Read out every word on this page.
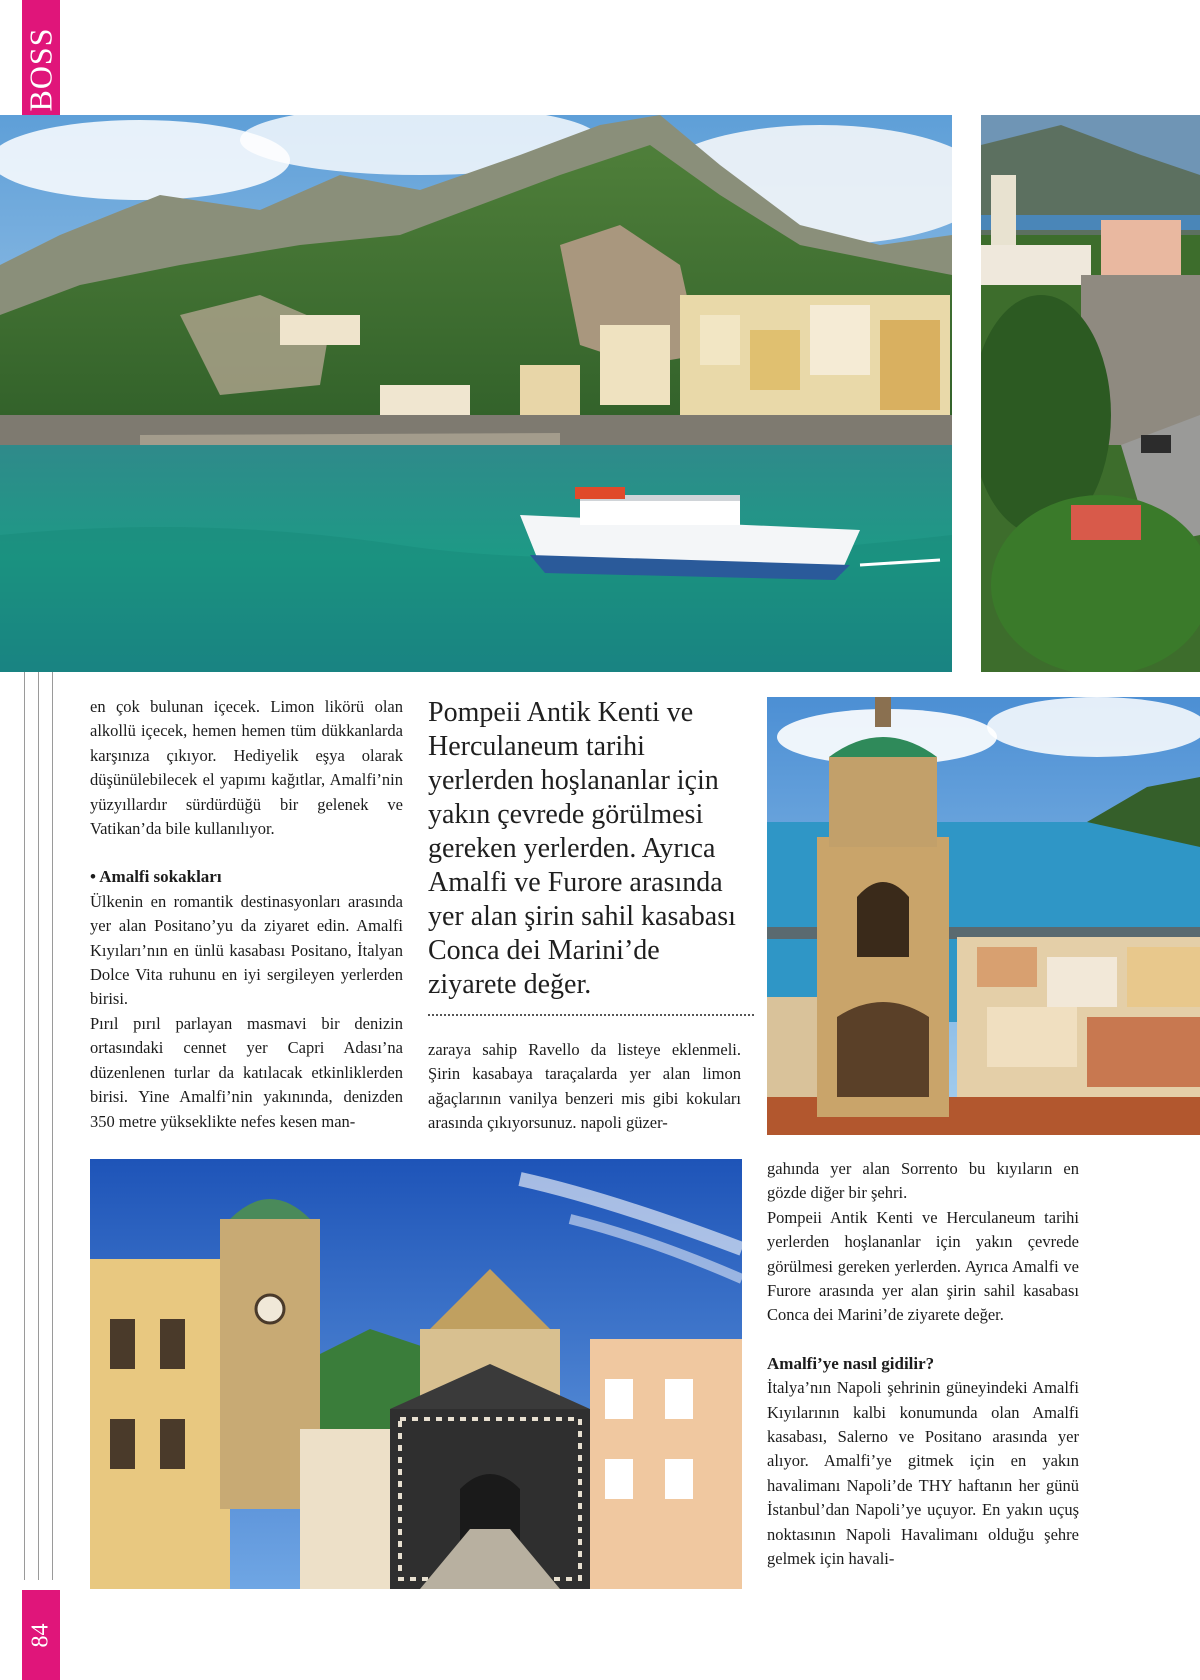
BOSS
84

en çok bulunan içecek. Limon likörü olan alkollü içecek, hemen hemen tüm dükkanlarda karşınıza çıkıyor. Hediyelik eşya olarak düşünülebilecek el yapımı kağıtlar, Amalfi’nin yüzyıllardır sürdürdüğü bir gelenek ve Vatikan’da bile kullanılıyor.

• Amalfi sokakları

Ülkenin en romantik destinasyonları arasında yer alan Positano’yu da ziyaret edin. Amalfi Kıyıları’nın en ünlü kasabası Positano, İtalyan Dolce Vita ruhunu en iyi sergileyen yerlerden birisi.

Pırıl pırıl parlayan masmavi bir denizin ortasındaki cennet yer Capri Adası’na düzenlenen turlar da katılacak etkinliklerden birisi. Yine Amalfi’nin yakınında, denizden 350 metre yükseklikte nefes kesen man-

Pompeii Antik Kenti ve Herculaneum tarihi yerlerden hoşlananlar için yakın çevrede görülmesi gereken yerlerden. Ayrıca Amalfi ve Furore arasında yer alan şirin sahil kasabası Conca dei Marini’de ziyarete değer.

zaraya sahip Ravello da listeye eklenmeli. Şirin kasabaya taraçalarda yer alan limon ağaçlarının vanilya benzeri mis gibi kokuları arasında çıkıyorsunuz. napoli güzer-

gahında yer alan Sorrento bu kıyıların en gözde diğer bir şehri.

Pompeii Antik Kenti ve Herculaneum tarihi yerlerden hoşlananlar için yakın çevrede görülmesi gereken yerlerden. Ayrıca Amalfi ve Furore arasında yer alan şirin sahil kasabası Conca dei Marini’de ziyarete değer.

Amalfi’ye nasıl gidilir?

İtalya’nın Napoli şehrinin güneyindeki Amalfi Kıyılarının kalbi konumunda olan Amalfi kasabası, Salerno ve Positano arasında yer alıyor. Amalfi’ye gitmek için en yakın havalimanı Napoli’de THY haftanın her günü İstanbul’dan Napoli’ye uçuyor. En yakın uçuş noktasının Napoli Havalimanı olduğu şehre gelmek için havali-
